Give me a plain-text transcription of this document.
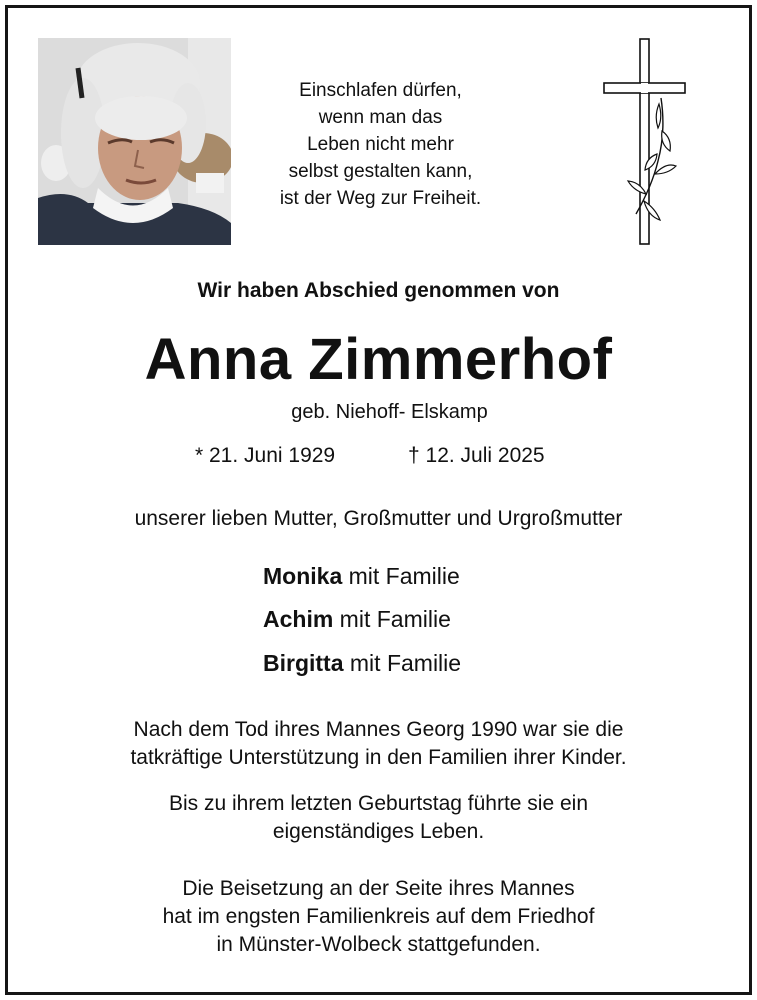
Einschlafen dürfen,
wenn man das
Leben nicht mehr
selbst gestalten kann,
ist der Weg zur Freiheit.
Wir haben Abschied genommen von
Anna Zimmerhof
geb. Niehoff- Elskamp
* 21. Juni 1929	† 12. Juli 2025
unserer lieben Mutter, Großmutter und Urgroßmutter
Monika mit Familie
Achim mit Familie
Birgitta mit Familie
Nach dem Tod ihres Mannes Georg 1990 war sie die
tatkräftige Unterstützung in den Familien ihrer Kinder.
Bis zu ihrem letzten Geburtstag führte sie ein
eigenständiges Leben.
Die Beisetzung an der Seite ihres Mannes
hat im engsten Familienkreis auf dem Friedhof
in Münster-Wolbeck stattgefunden.
